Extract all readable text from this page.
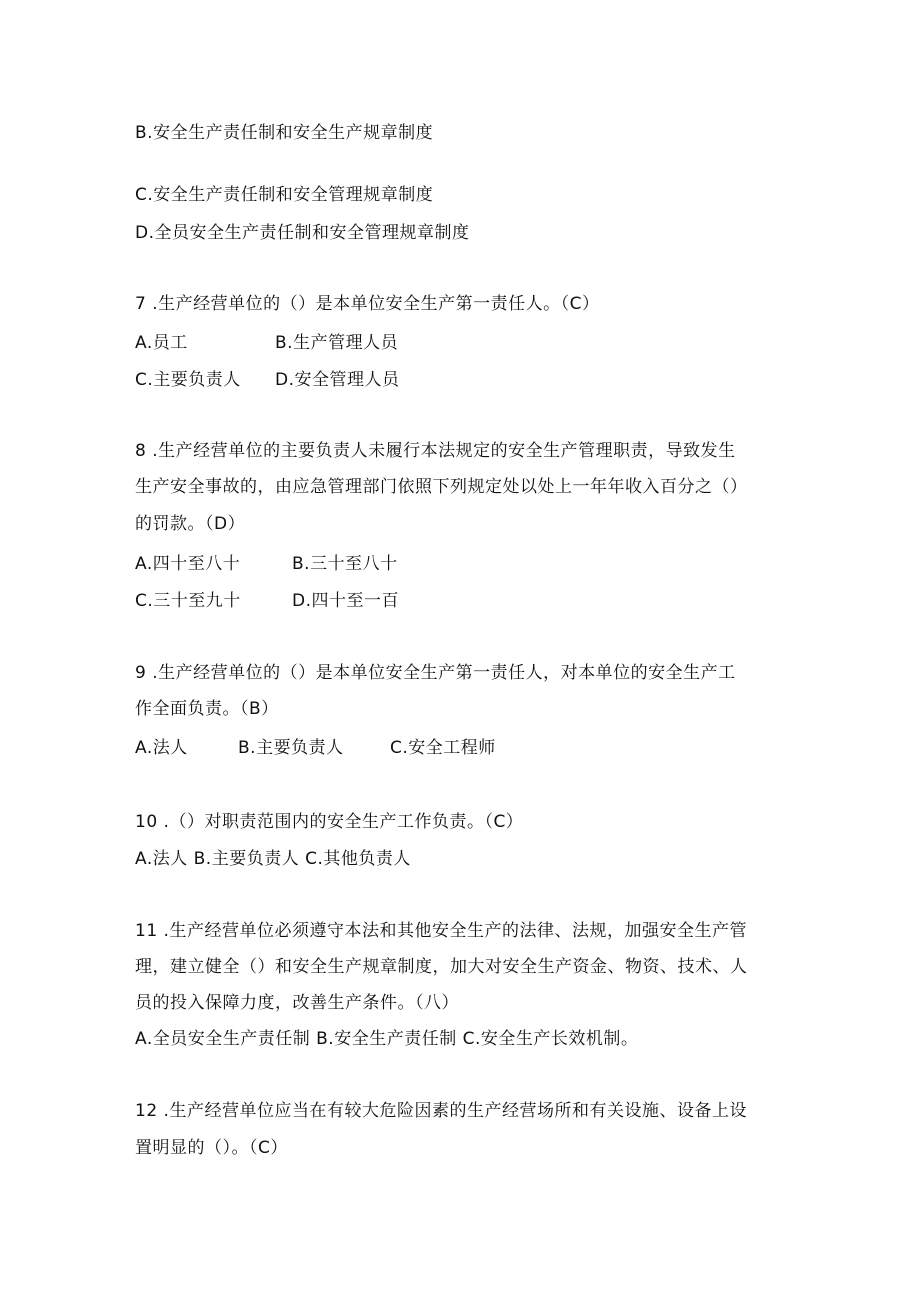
B.安全生产责任制和安全生产规章制度
C.安全生产责任制和安全管理规章制度
D.全员安全生产责任制和安全管理规章制度
7 .生产经营单位的（）是本单位安全生产第一责任人。（C）
A.员工	B.生产管理人员
C.主要负责人 D.安全管理人员
8 .生产经营单位的主要负责人未履行本法规定的安全生产管理职责，导致发生
生产安全事故的，由应急管理部门依照下列规定处以处上一年年收入百分之（）
的罚款。（D）
A.四十至八十	B.三十至八十
C.三十至九十	D.四十至一百
9 .生产经营单位的（）是本单位安全生产第一责任人，对本单位的安全生产工
作全面负责。（B）
A.法人	B.主要负责人	C.安全工程师
10 .（）对职责范围内的安全生产工作负责。（C）
A.法人 B.主要负责人 C.其他负责人
11 .生产经营单位必须遵守本法和其他安全生产的法律、法规，加强安全生产管
理，建立健全（）和安全生产规章制度，加大对安全生产资金、物资、技术、人
员的投入保障力度，改善生产条件。（八）
A.全员安全生产责任制 B.安全生产责任制 C.安全生产长效机制。
12 .生产经营单位应当在有较大危险因素的生产经营场所和有关设施、设备上设
置明显的（）。（C）
